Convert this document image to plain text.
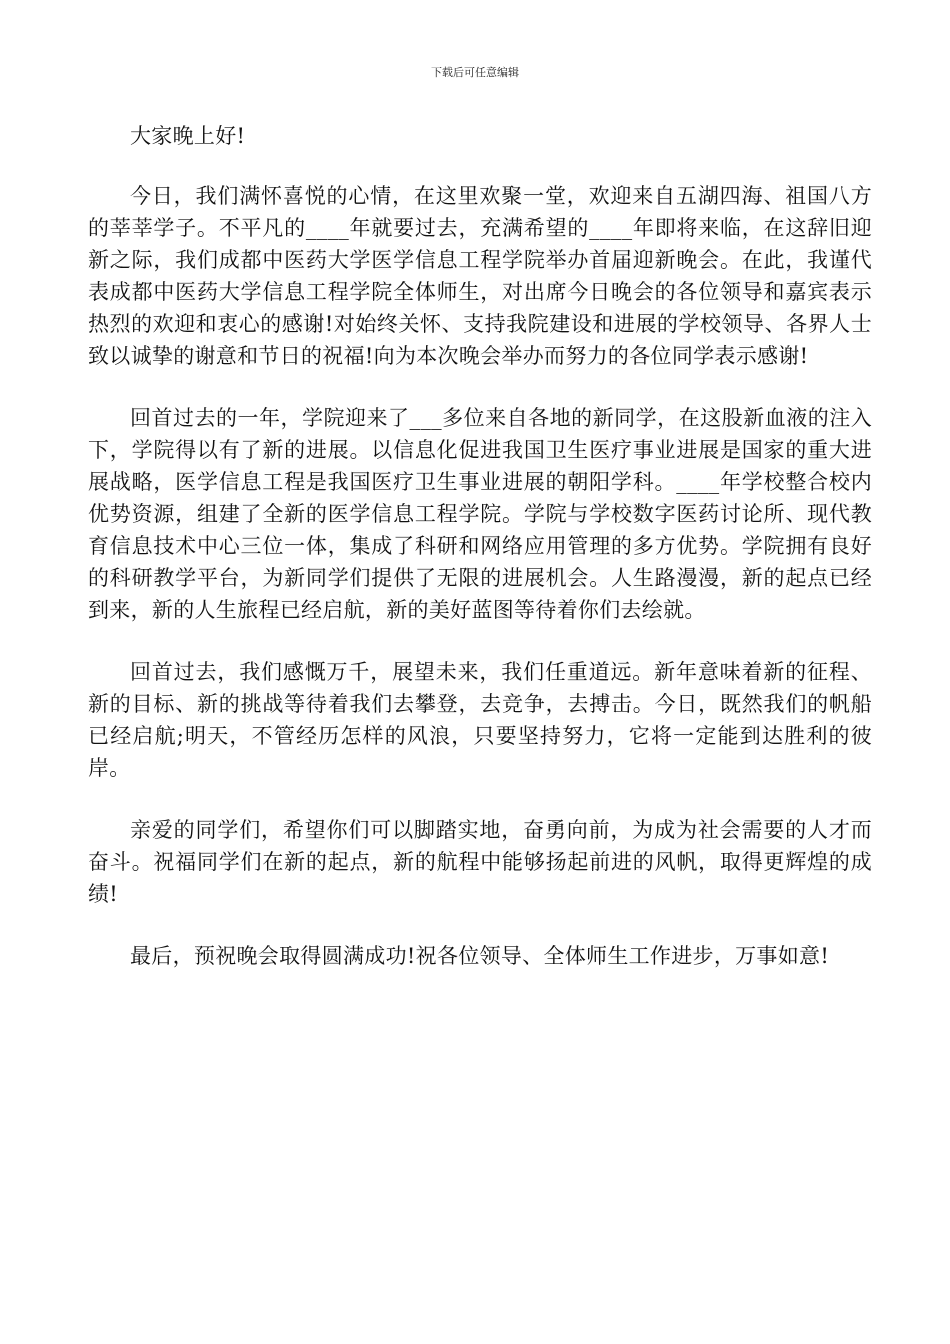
下载后可任意编辑

大家晚上好!

今日，我们满怀喜悦的心情，在这里欢聚一堂，欢迎来自五湖四海、祖国八方的莘莘学子。不平凡的____年就要过去，充满希望的____年即将来临，在这辞旧迎新之际，我们成都中医药大学医学信息工程学院举办首届迎新晚会。在此，我谨代表成都中医药大学信息工程学院全体师生，对出席今日晚会的各位领导和嘉宾表示热烈的欢迎和衷心的感谢!对始终关怀、支持我院建设和进展的学校领导、各界人士致以诚挚的谢意和节日的祝福!向为本次晚会举办而努力的各位同学表示感谢!

回首过去的一年，学院迎来了___多位来自各地的新同学，在这股新血液的注入下，学院得以有了新的进展。以信息化促进我国卫生医疗事业进展是国家的重大进展战略，医学信息工程是我国医疗卫生事业进展的朝阳学科。____年学校整合校内优势资源，组建了全新的医学信息工程学院。学院与学校数字医药讨论所、现代教育信息技术中心三位一体，集成了科研和网络应用管理的多方优势。学院拥有良好的科研教学平台，为新同学们提供了无限的进展机会。人生路漫漫，新的起点已经到来，新的人生旅程已经启航，新的美好蓝图等待着你们去绘就。

回首过去，我们感慨万千，展望未来，我们任重道远。新年意味着新的征程、新的目标、新的挑战等待着我们去攀登，去竞争，去搏击。今日，既然我们的帆船已经启航;明天，不管经历怎样的风浪，只要坚持努力，它将一定能到达胜利的彼岸。

亲爱的同学们，希望你们可以脚踏实地，奋勇向前，为成为社会需要的人才而奋斗。祝福同学们在新的起点，新的航程中能够扬起前进的风帆，取得更辉煌的成绩!

最后，预祝晚会取得圆满成功!祝各位领导、全体师生工作进步，万事如意!
